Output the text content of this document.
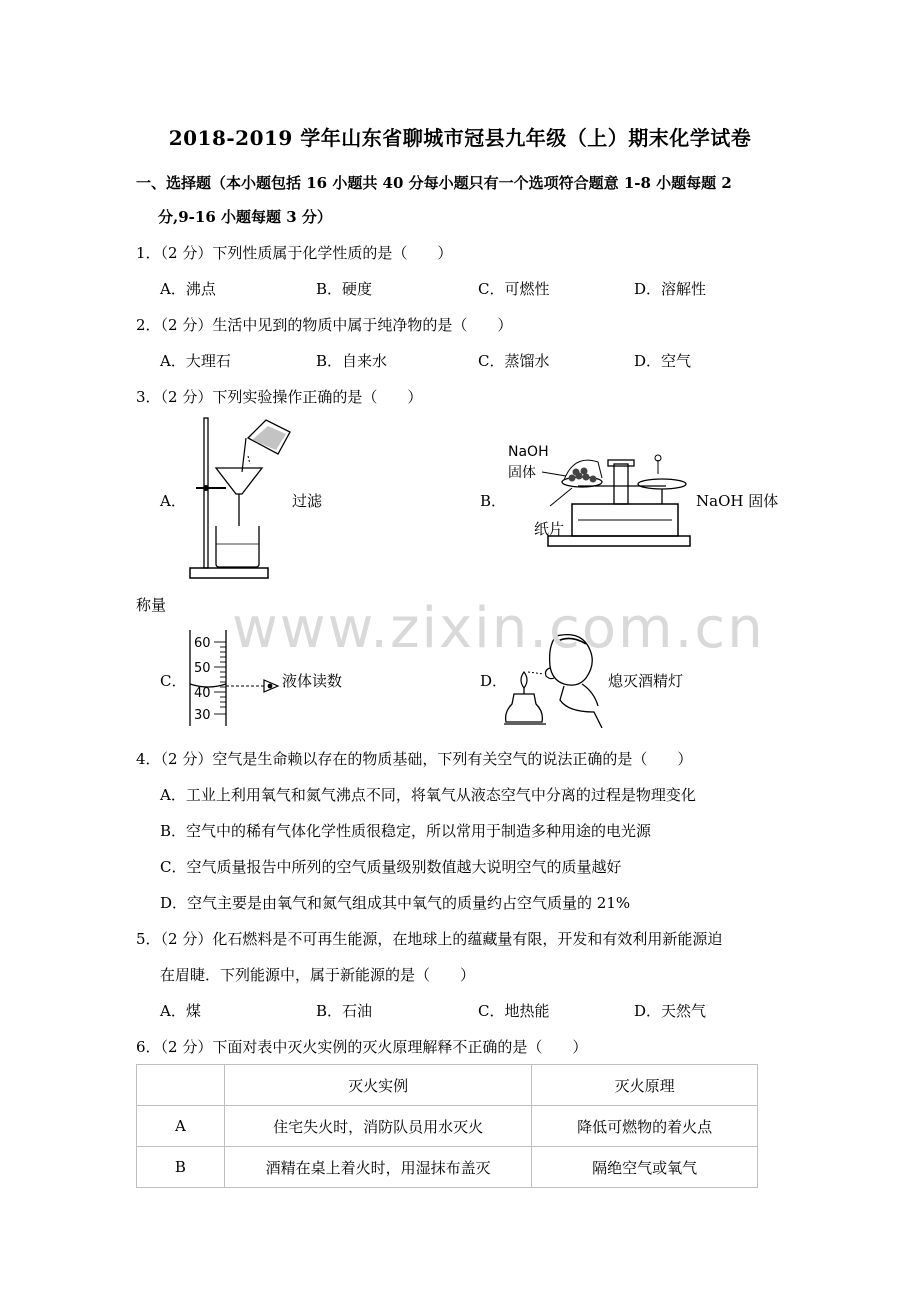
2018-2019 学年山东省聊城市冠县九年级（上）期末化学试卷
一、选择题（本小题包括 16 小题共 40 分每小题只有一个选项符合题意 1-8 小题每题 2
分,9-16 小题每题 3 分）
1．（2 分）下列性质属于化学性质的是（　　）
A．沸点	B．硬度	C．可燃性	D．溶解性
2．（2 分）生活中见到的物质中属于纯净物的是（　　）
A．大理石	B．自来水	C．蒸馏水	D．空气
3．（2 分）下列实验操作正确的是（　　）
A．	过滤	B．
NaOH
固体
纸片
NaOH 固体
称量
C．
60
50
40
30
液体读数	D．	熄灭酒精灯
4．（2 分）空气是生命赖以存在的物质基础，下列有关空气的说法正确的是（　　）
A．工业上利用氧气和氮气沸点不同，将氧气从液态空气中分离的过程是物理变化
B．空气中的稀有气体化学性质很稳定，所以常用于制造多种用途的电光源
C．空气质量报告中所列的空气质量级别数值越大说明空气的质量越好
D．空气主要是由氧气和氮气组成其中氧气的质量约占空气质量的 21%
5．（2 分）化石燃料是不可再生能源，在地球上的蕴藏量有限，开发和有效利用新能源迫
在眉睫．下列能源中，属于新能源的是（　　）
A．煤	B．石油	C．地热能	D．天然气
6．（2 分）下面对表中灭火实例的灭火原理解释不正确的是（　　）
	灭火实例	灭火原理
A	住宅失火时，消防队员用水灭火	降低可燃物的着火点
B	酒精在桌上着火时，用湿抹布盖灭	隔绝空气或氧气
www.zixin.com.cn
